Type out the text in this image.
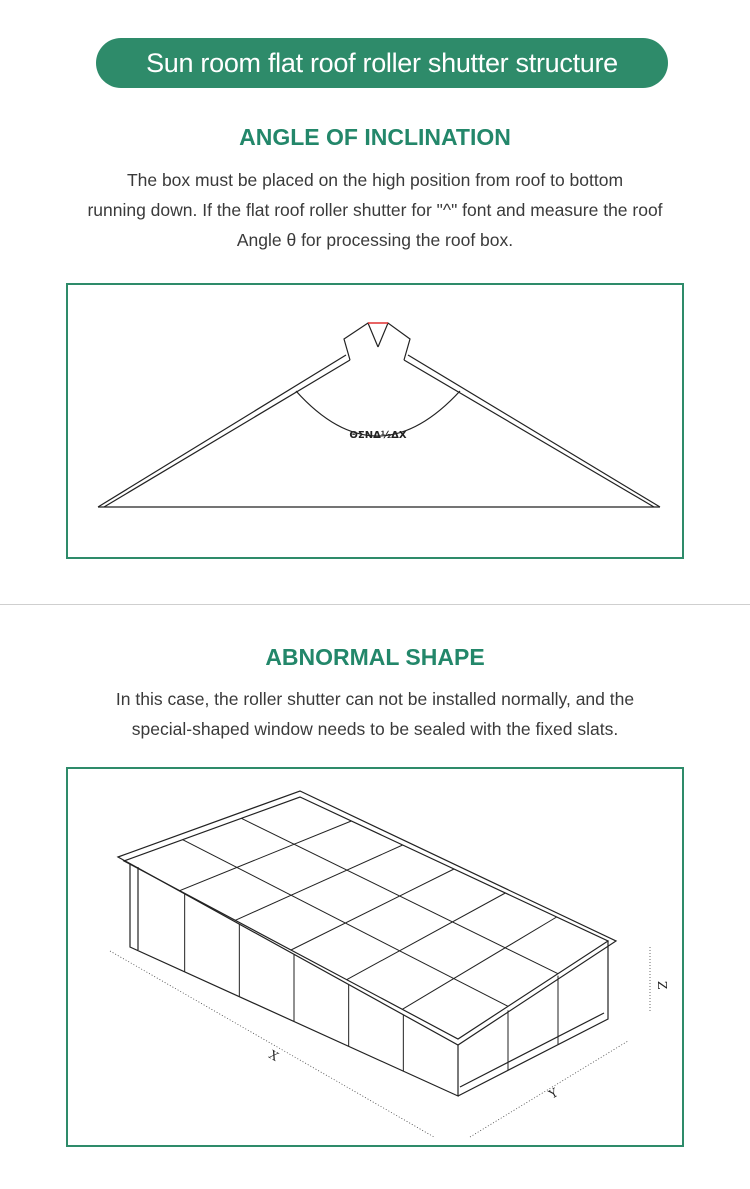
Sun room flat roof roller shutter structure
ANGLE OF INCLINATION
The box must be placed on the high position from roof to bottom
running down. If the flat roof roller shutter for "^" font and measure the roof
Angle θ for processing the roof box.
ΘΣΝΔ½ΔΧ
ABNORMAL SHAPE
In this case, the roller shutter can not be installed normally, and the
special-shaped window needs to be sealed with the fixed slats.
X
Y
Z
